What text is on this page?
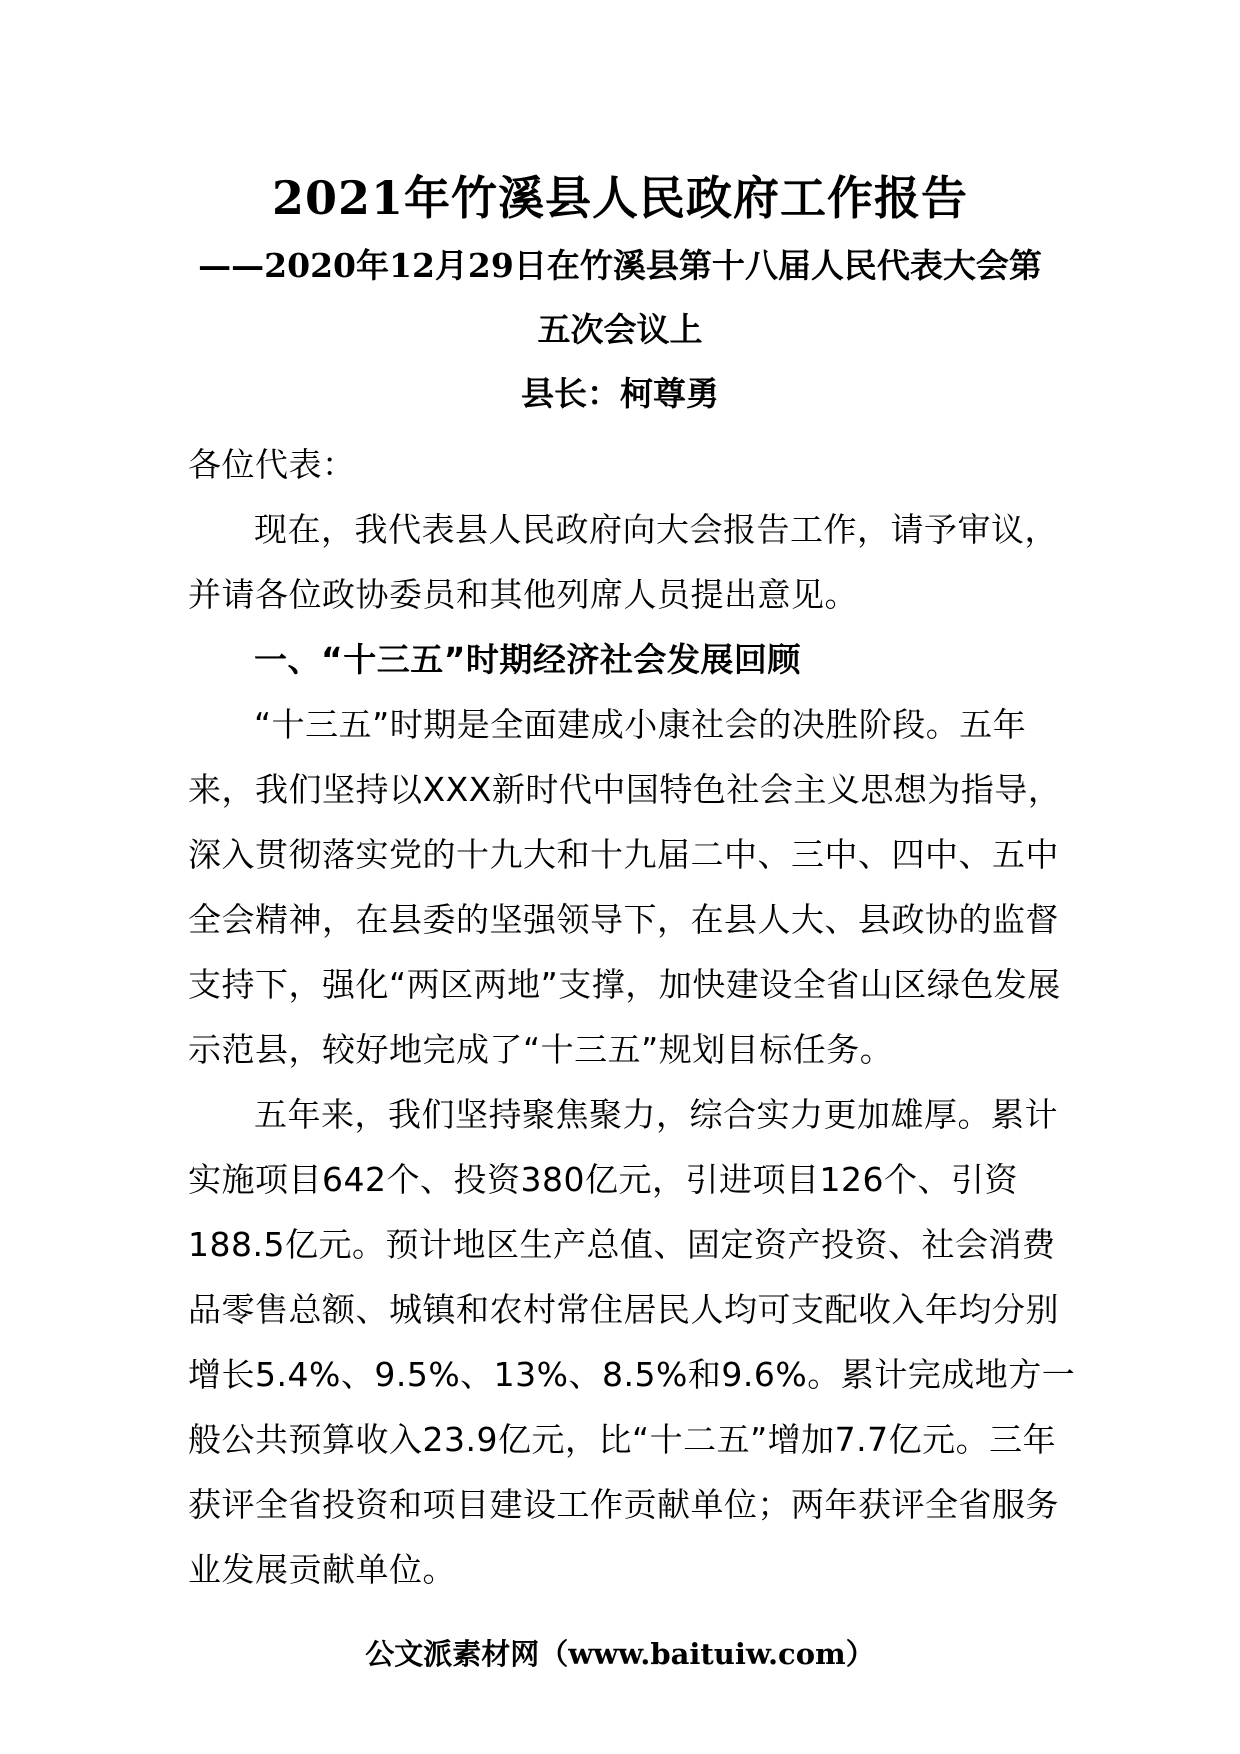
2021年竹溪县人民政府工作报告
——2020年12月29日在竹溪县第十八届人民代表大会第
五次会议上
县长：柯尊勇

各位代表：

现在，我代表县人民政府向大会报告工作，请予审议，并请各位政协委员和其他列席人员提出意见。

一、“十三五”时期经济社会发展回顾

“十三五”时期是全面建成小康社会的决胜阶段。五年来，我们坚持以XXX新时代中国特色社会主义思想为指导，深入贯彻落实党的十九大和十九届二中、三中、四中、五中全会精神，在县委的坚强领导下，在县人大、县政协的监督支持下，强化“两区两地”支撑，加快建设全省山区绿色发展示范县，较好地完成了“十三五”规划目标任务。

五年来，我们坚持聚焦聚力，综合实力更加雄厚。累计实施项目642个、投资380亿元，引进项目126个、引资188.5亿元。预计地区生产总值、固定资产投资、社会消费品零售总额、城镇和农村常住居民人均可支配收入年均分别增长5.4%、9.5%、13%、8.5%和9.6%。累计完成地方一般公共预算收入23.9亿元，比“十二五”增加7.7亿元。三年获评全省投资和项目建设工作贡献单位；两年获评全省服务业发展贡献单位。

公文派素材网（www.baituiw.com）
